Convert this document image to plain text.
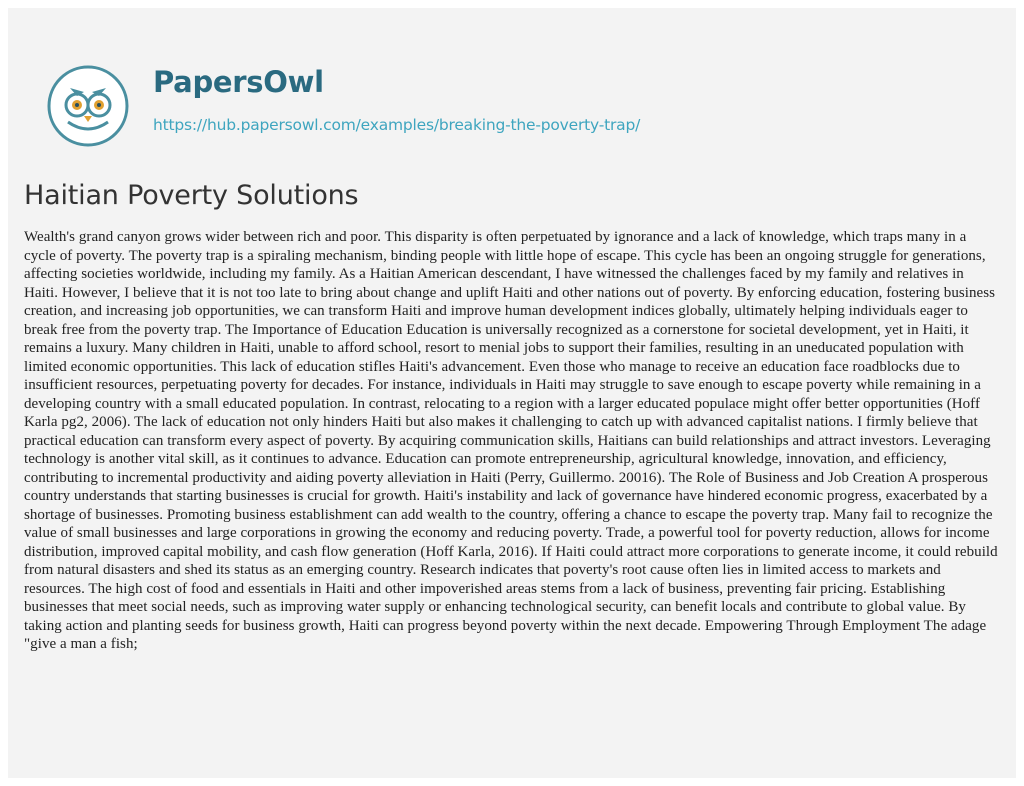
PapersOwl
https://hub.papersowl.com/examples/breaking-the-poverty-trap/
Haitian Poverty Solutions

Wealth's grand canyon grows wider between rich and poor. This disparity is often perpetuated by ignorance and a lack of knowledge, which traps many in a cycle of poverty. The poverty trap is a spiraling mechanism, binding people with little hope of escape. This cycle has been an ongoing struggle for generations, affecting societies worldwide, including my family. As a Haitian American descendant, I have witnessed the challenges faced by my family and relatives in Haiti. However, I believe that it is not too late to bring about change and uplift Haiti and other nations out of poverty. By enforcing education, fostering business creation, and increasing job opportunities, we can transform Haiti and improve human development indices globally, ultimately helping individuals eager to break free from the poverty trap. The Importance of Education Education is universally recognized as a cornerstone for societal development, yet in Haiti, it remains a luxury. Many children in Haiti, unable to afford school, resort to menial jobs to support their families, resulting in an uneducated population with limited economic opportunities. This lack of education stifles Haiti's advancement. Even those who manage to receive an education face roadblocks due to insufficient resources, perpetuating poverty for decades. For instance, individuals in Haiti may struggle to save enough to escape poverty while remaining in a developing country with a small educated population. In contrast, relocating to a region with a larger educated populace might offer better opportunities (Hoff Karla pg2, 2006). The lack of education not only hinders Haiti but also makes it challenging to catch up with advanced capitalist nations. I firmly believe that practical education can transform every aspect of poverty. By acquiring communication skills, Haitians can build relationships and attract investors. Leveraging technology is another vital skill, as it continues to advance. Education can promote entrepreneurship, agricultural knowledge, innovation, and efficiency, contributing to incremental productivity and aiding poverty alleviation in Haiti (Perry, Guillermo. 20016). The Role of Business and Job Creation A prosperous country understands that starting businesses is crucial for growth. Haiti's instability and lack of governance have hindered economic progress, exacerbated by a shortage of businesses. Promoting business establishment can add wealth to the country, offering a chance to escape the poverty trap. Many fail to recognize the value of small businesses and large corporations in growing the economy and reducing poverty. Trade, a powerful tool for poverty reduction, allows for income distribution, improved capital mobility, and cash flow generation (Hoff Karla, 2016). If Haiti could attract more corporations to generate income, it could rebuild from natural disasters and shed its status as an emerging country. Research indicates that poverty's root cause often lies in limited access to markets and resources. The high cost of food and essentials in Haiti and other impoverished areas stems from a lack of business, preventing fair pricing. Establishing businesses that meet social needs, such as improving water supply or enhancing technological security, can benefit locals and contribute to global value. By taking action and planting seeds for business growth, Haiti can progress beyond poverty within the next decade. Empowering Through Employment The adage "give a man a fish;
